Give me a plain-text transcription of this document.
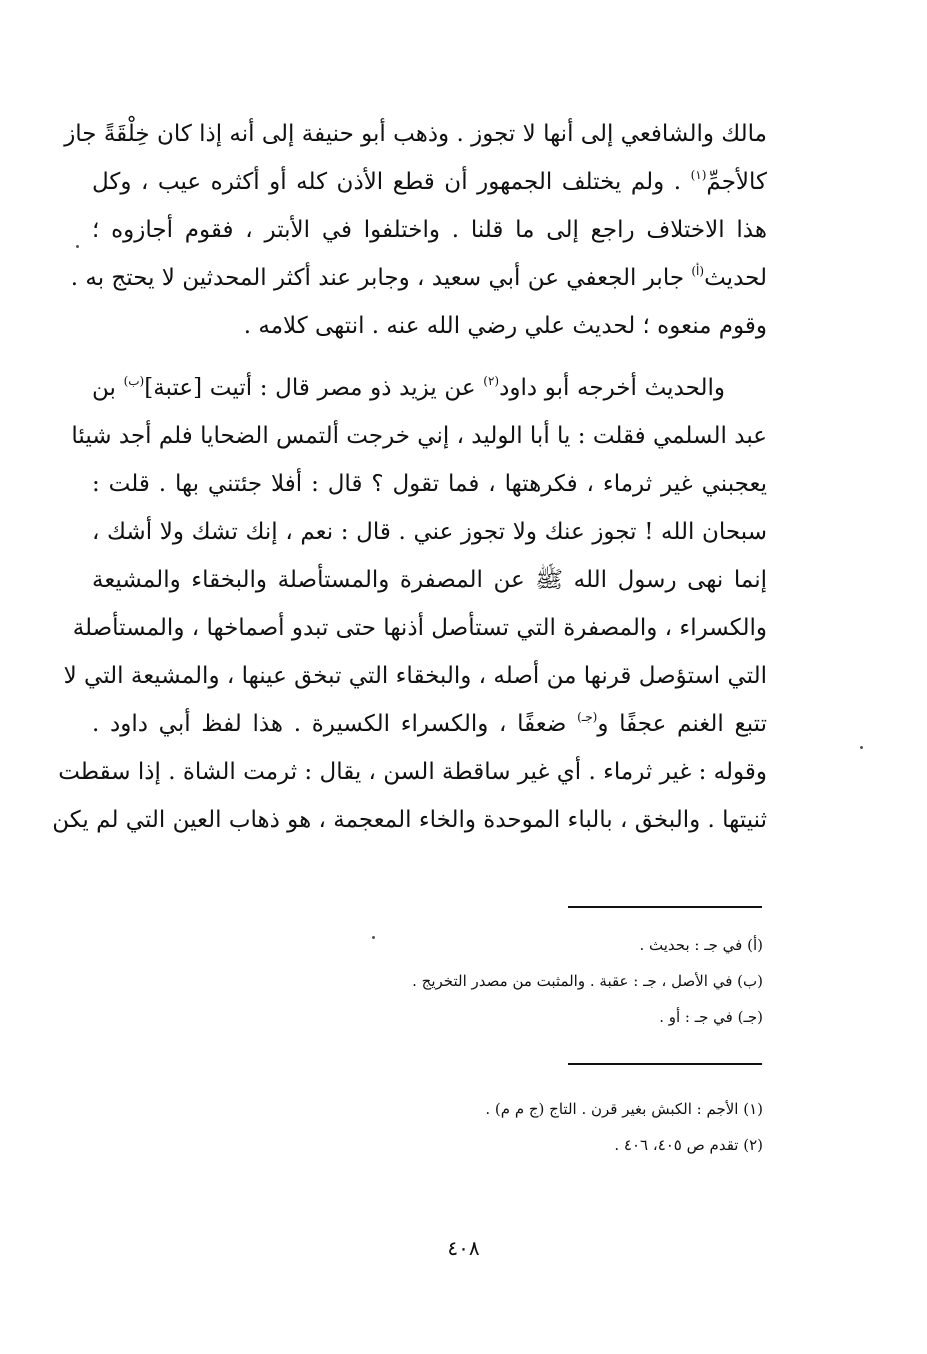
مالك والشافعي إلى أنها لا تجوز . وذهب أبو حنيفة إلى أنه إذا كان خِلْقَةً جاز
كالأجمِّ$^{(١)}$ . ولم يختلف الجمهور أن قطع الأذن كله أو أكثره عيب ، وكل
هذا الاختلاف راجع إلى ما قلنا . واختلفوا في الأبتر ، فقوم أجازوه ؛
لحديث$^{(أ)}$ جابر الجعفي عن أبي سعيد ، وجابر عند أكثر المحدثين لا يحتج به .
وقوم منعوه ؛ لحديث علي رضي الله عنه . انتهى كلامه .
والحديث أخرجه أبو داود$^{(٢)}$ عن يزيد ذو مصر قال : أتيت [عتبة]$^{(ب)}$ بن
عبد السلمي فقلت : يا أبا الوليد ، إني خرجت ألتمس الضحايا فلم أجد شيئا
يعجبني غير ثرماء ، فكرهتها ، فما تقول ؟ قال : أفلا جئتني بها . قلت :
سبحان الله ! تجوز عنك ولا تجوز عني . قال : نعم ، إنك تشك ولا أشك ،
إنما نهى رسول الله ﷺ عن المصفرة والمستأصلة والبخقاء والمشيعة
والكسراء ، والمصفرة التي تستأصل أذنها حتى تبدو أصماخها ، والمستأصلة
التي استؤصل قرنها من أصله ، والبخقاء التي تبخق عينها ، والمشيعة التي لا
تتبع الغنم عجفًا و$^{(جـ)}$ ضعفًا ، والكسراء الكسيرة . هذا لفظ أبي داود .
وقوله : غير ثرماء . أي غير ساقطة السن ، يقال : ثرمت الشاة . إذا سقطت
ثنيتها . والبخق ، بالباء الموحدة والخاء المعجمة ، هو ذهاب العين التي لم يكن
(أ) في جـ : بحديث .
(ب) في الأصل ، جـ : عقبة . والمثبت من مصدر التخريج .
(جـ) في جـ : أو .
(١) الأجم : الكبش بغير قرن . التاج (ج م م) .
(٢) تقدم ص ٤٠٥، ٤٠٦ .
٤٠٨
